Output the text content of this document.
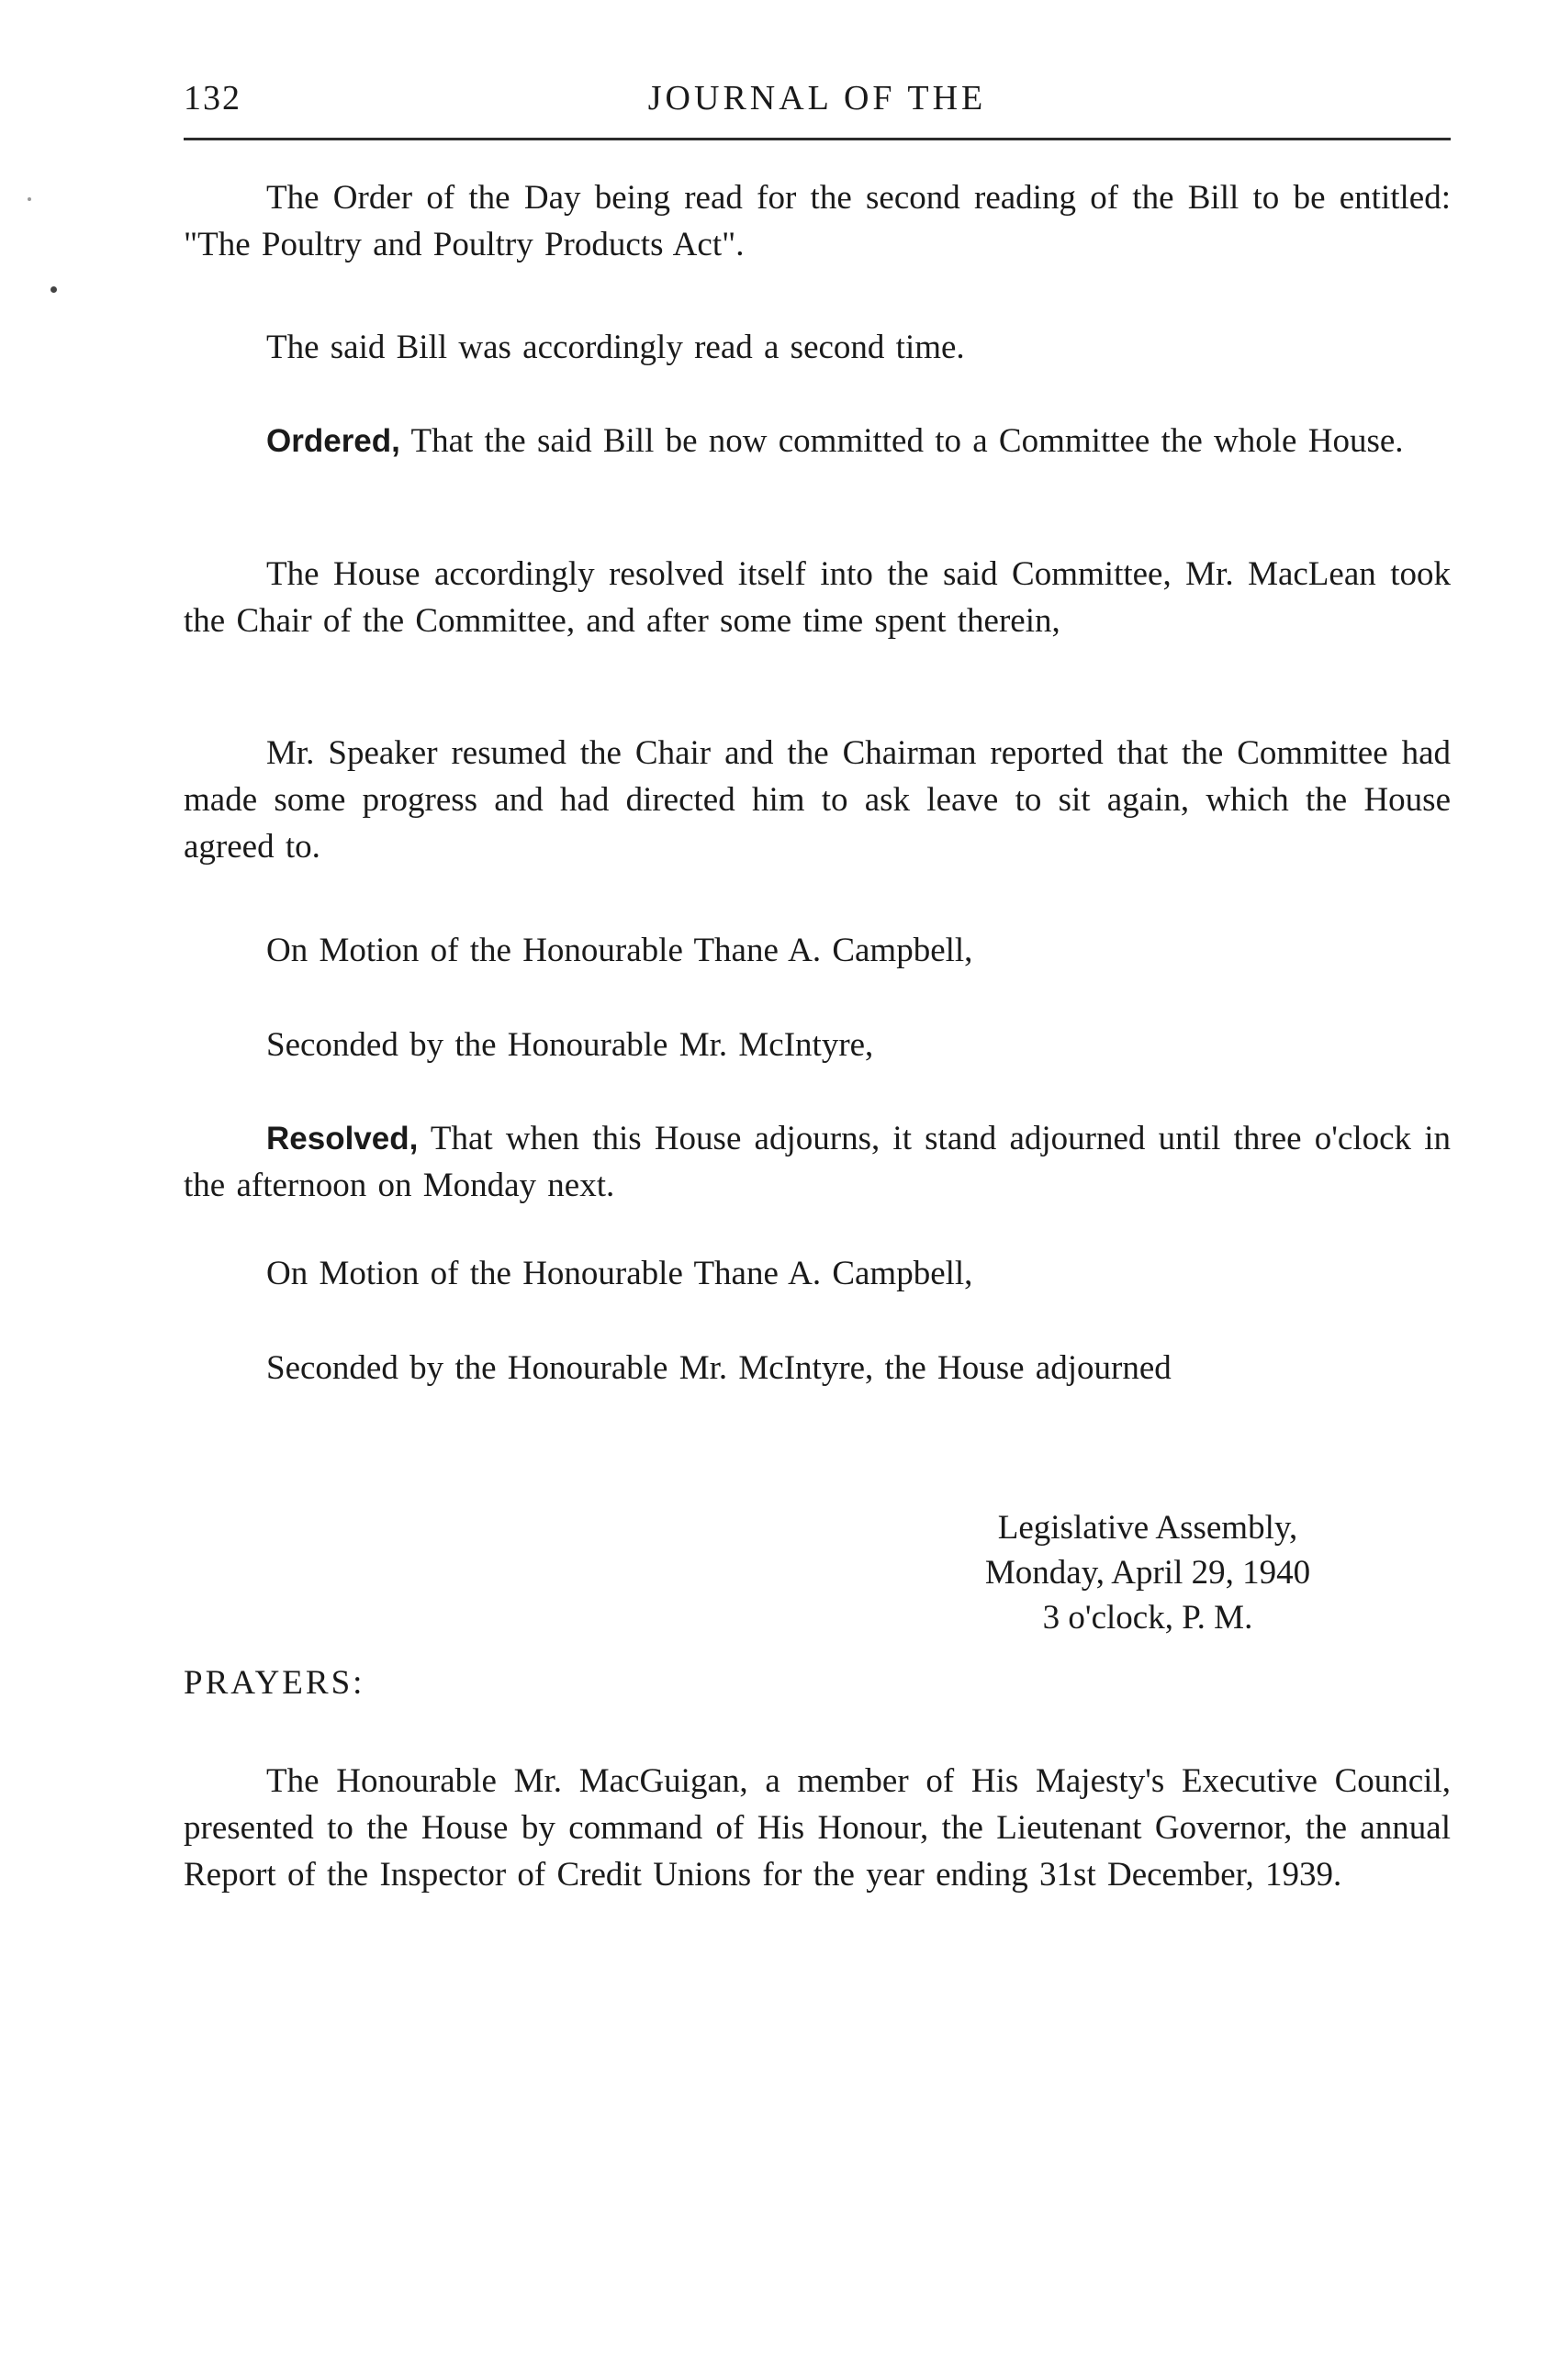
132	JOURNAL OF THE

The Order of the Day being read for the second reading of the Bill to be entitled: "The Poultry and Poultry Products Act".

The said Bill was accordingly read a second time.

Ordered, That the said Bill be now committed to a Committee the whole House.

The House accordingly resolved itself into the said Committee, Mr. MacLean took the Chair of the Committee, and after some time spent therein,

Mr. Speaker resumed the Chair and the Chairman reported that the Committee had made some progress and had directed him to ask leave to sit again, which the House agreed to.

On Motion of the Honourable Thane A. Campbell,

Seconded by the Honourable Mr. McIntyre,

Resolved, That when this House adjourns, it stand adjourned until three o'clock in the afternoon on Monday next.

On Motion of the Honourable Thane A. Campbell,

Seconded by the Honourable Mr. McIntyre, the House adjourned

Legislative Assembly,
Monday, April 29, 1940
3 o'clock, P. M.
PRAYERS:

The Honourable Mr. MacGuigan, a member of His Majesty's Executive Council, presented to the House by command of His Honour, the Lieutenant Governor, the annual Report of the Inspector of Credit Unions for the year ending 31st December, 1939.
